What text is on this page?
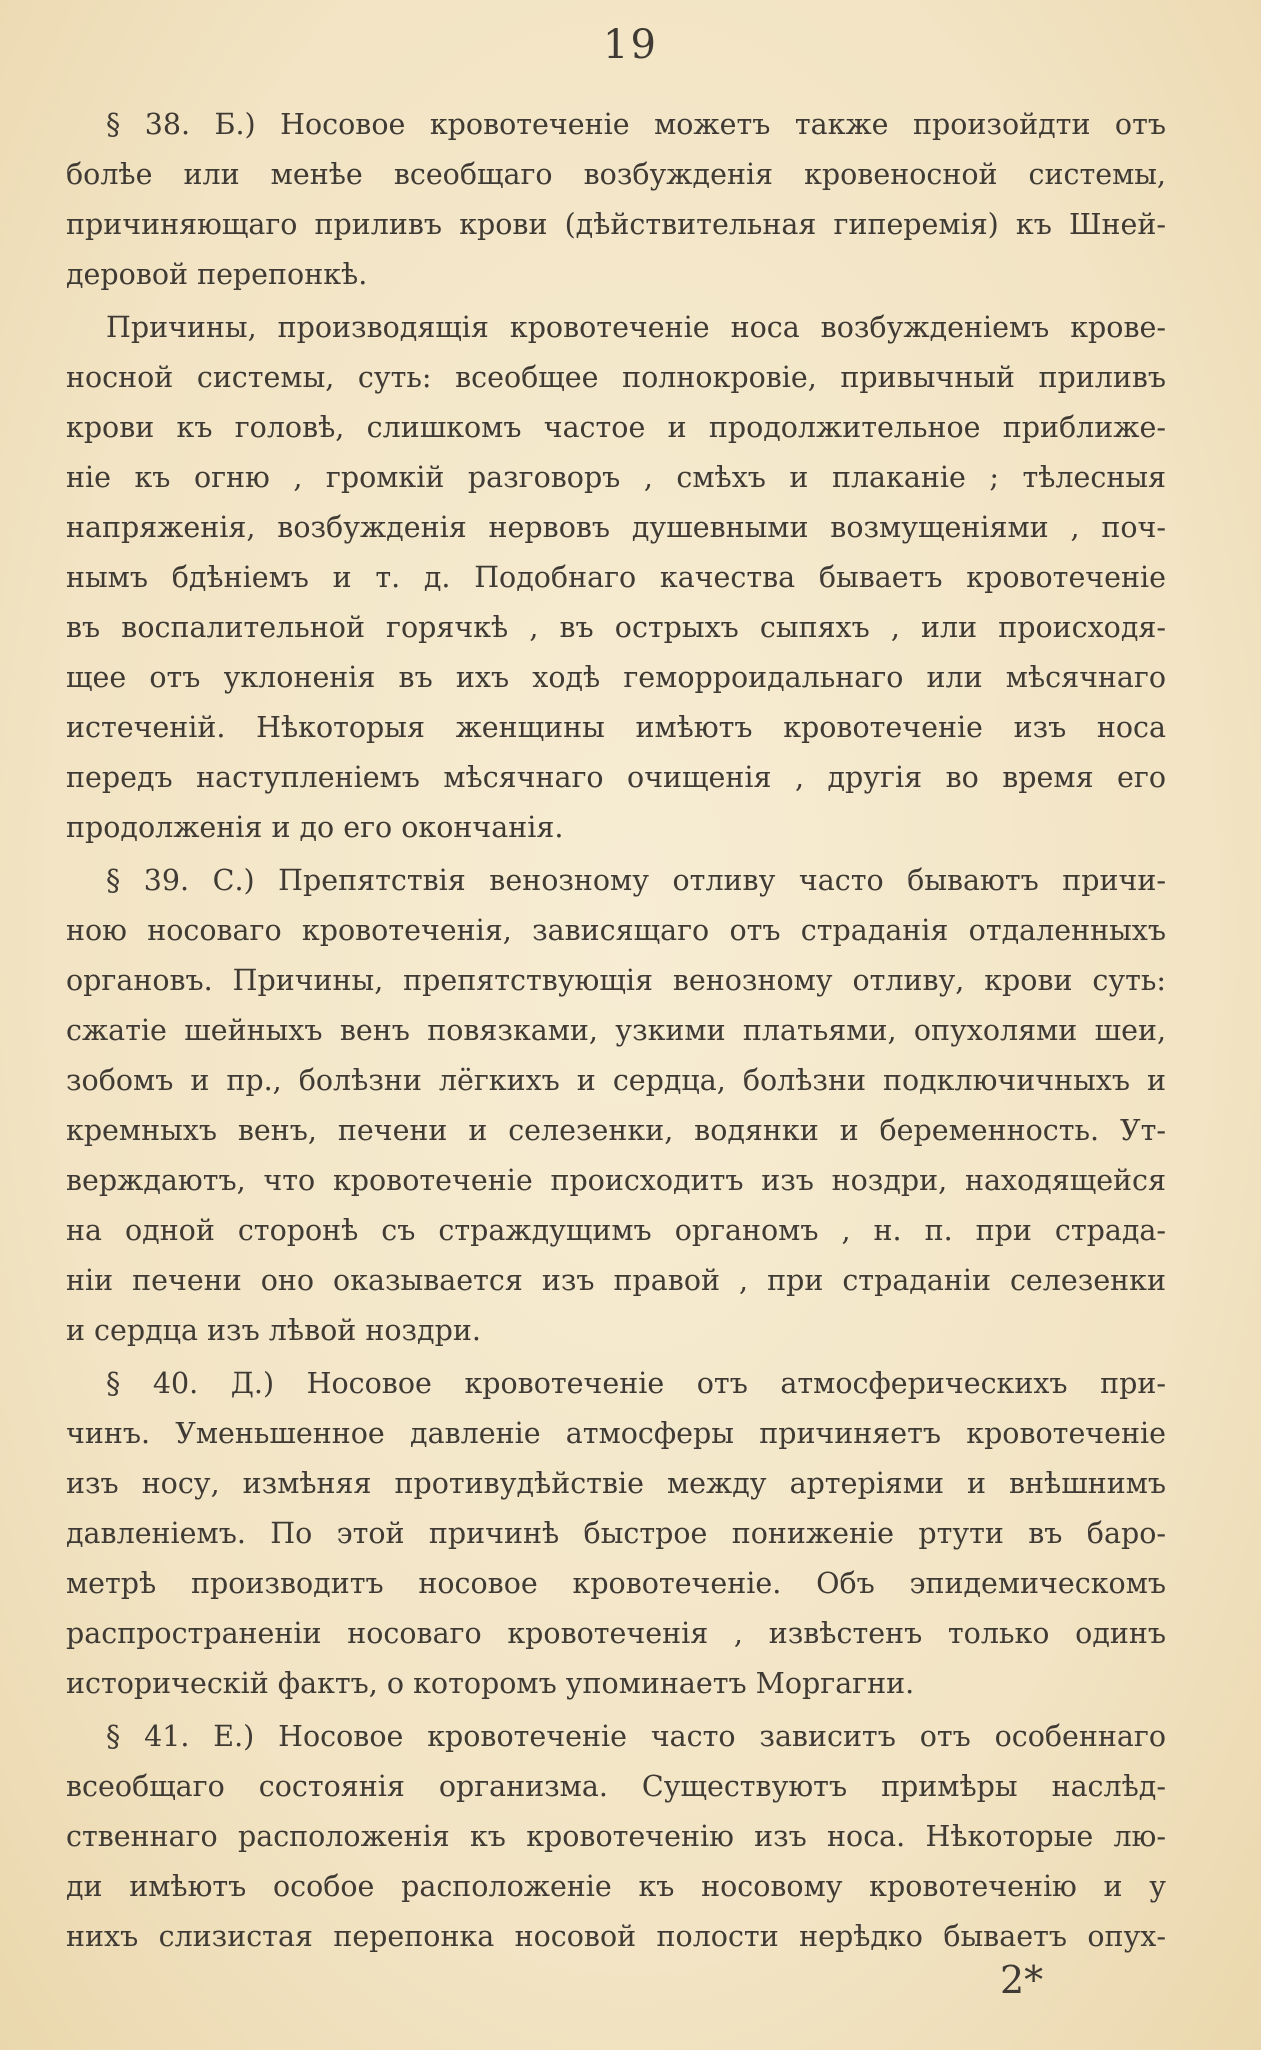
19
§ 38. Б.) Носовое кровотеченіе можетъ также произойдти отъ
болѣе или менѣе всеобщаго возбужденія кровеносной системы,
причиняющаго приливъ крови (дѣйствительная гиперемія) къ Шней-
деровой перепонкѣ.
Причины, производящія кровотеченіе носа возбужденіемъ крове-
носной системы, суть: всеобщее полнокровіе, привычный приливъ
крови къ головѣ, слишкомъ частое и продолжительное приближе-
ніе къ огню , громкій разговоръ , смѣхъ и плаканіе ; тѣлесныя
напряженія, возбужденія нервовъ душевными возмущеніями , поч-
нымъ бдѣніемъ и т. д. Подобнаго качества бываетъ кровотеченіе
въ воспалительной горячкѣ , въ острыхъ сыпяхъ , или происходя-
щее отъ уклоненія въ ихъ ходѣ геморроидальнаго или мѣсячнаго
истеченій. Нѣкоторыя женщины имѣютъ кровотеченіе изъ носа
передъ наступленіемъ мѣсячнаго очищенія , другія во время его
продолженія и до его окончанія.
§ 39. С.) Препятствія венозному отливу часто бываютъ причи-
ною носоваго кровотеченія, зависящаго отъ страданія отдаленныхъ
органовъ. Причины, препятствующія венозному отливу, крови суть:
сжатіе шейныхъ венъ повязками, узкими платьями, опухолями шеи,
зобомъ и пр., болѣзни лёгкихъ и сердца, болѣзни подключичныхъ и
кремныхъ венъ, печени и селезенки, водянки и беременность. Ут-
верждаютъ, что кровотеченіе происходитъ изъ ноздри, находящейся
на одной сторонѣ съ страждущимъ органомъ , н. п. при страда-
ніи печени оно оказывается изъ правой , при страданіи селезенки
и сердца изъ лѣвой ноздри.
§ 40. Д.) Носовое кровотеченіе отъ атмосферическихъ при-
чинъ. Уменьшенное давленіе атмосферы причиняетъ кровотеченіе
изъ носу, измѣняя противудѣйствіе между артеріями и внѣшнимъ
давленіемъ. По этой причинѣ быстрое пониженіе ртути въ баро-
метрѣ производитъ носовое кровотеченіе. Объ эпидемическомъ
распространеніи носоваго кровотеченія , извѣстенъ только одинъ
историческій фактъ, о которомъ упоминаетъ Моргагни.
§ 41. Е.) Носовое кровотеченіе часто зависитъ отъ особеннаго
всеобщаго состоянія организма. Существуютъ примѣры наслѣд-
ственнаго расположенія къ кровотеченію изъ носа. Нѣкоторые лю-
ди имѣютъ особое расположеніе къ носовому кровотеченію и у
нихъ слизистая перепонка носовой полости нерѣдко бываетъ опух-
2*
